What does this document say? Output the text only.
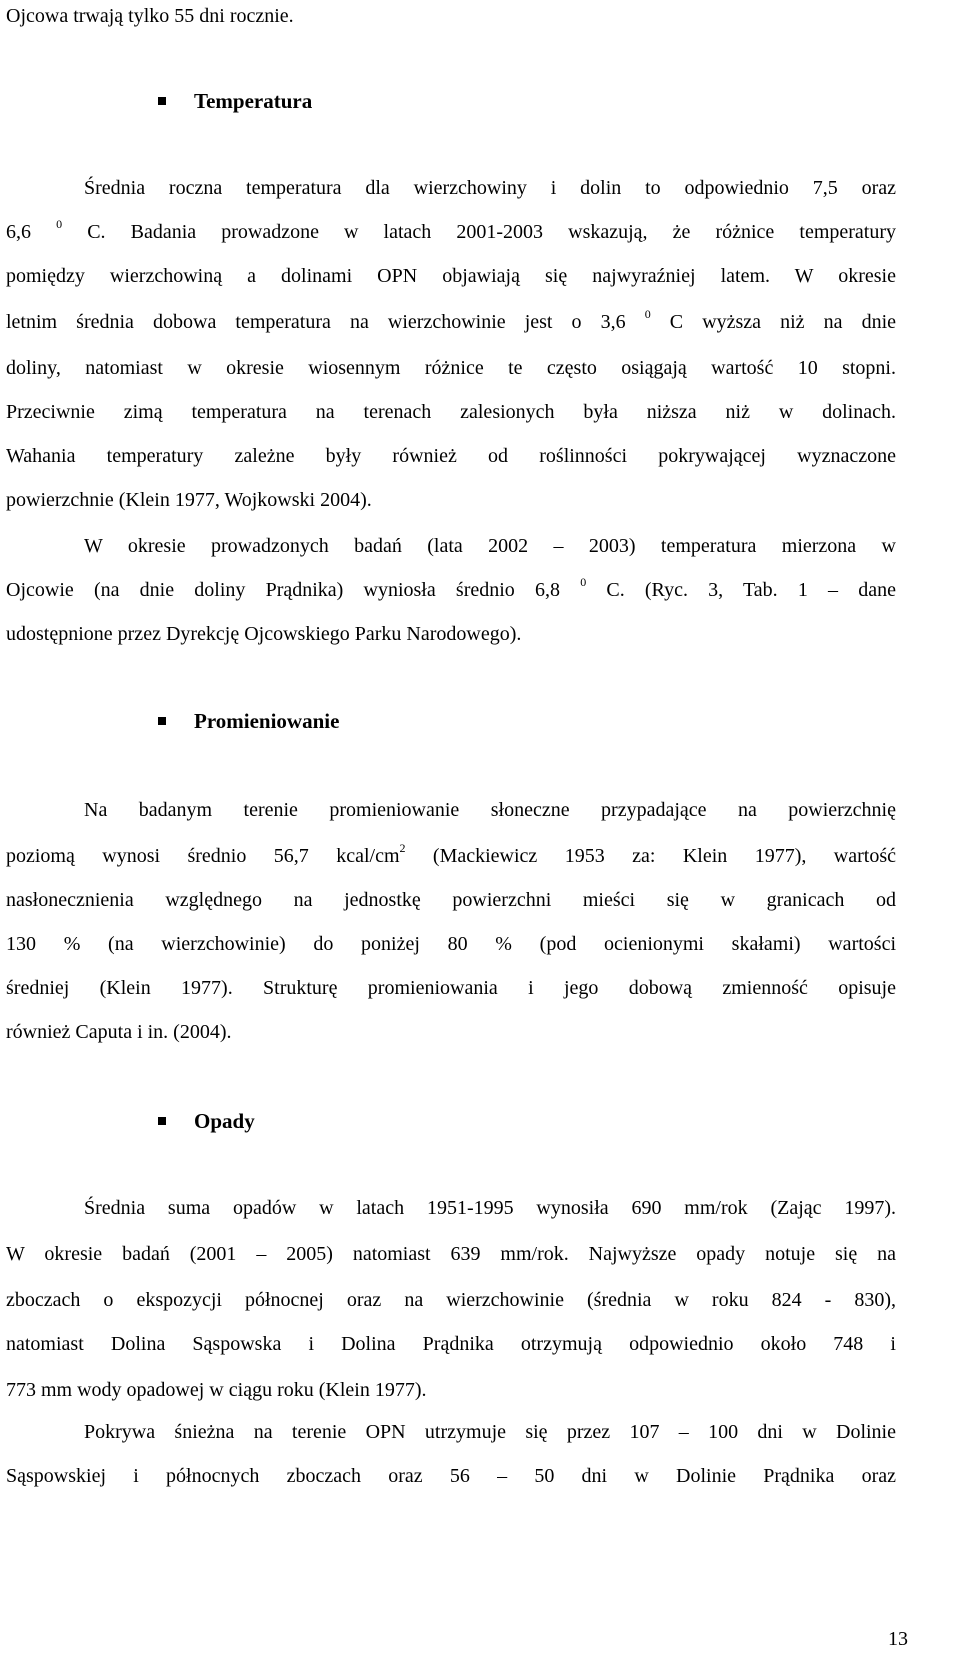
Ojcowa trwają tylko 55 dni rocznie.
Temperatura
Średnia roczna temperatura dla wierzchowiny i dolin to odpowiednio 7,5 oraz
6,6 $^0$ C. Badania prowadzone w latach 2001-2003 wskazują, że różnice temperatury
pomiędzy wierzchowiną a dolinami OPN objawiają się najwyraźniej latem. W okresie
letnim średnia dobowa temperatura na wierzchowinie jest o 3,6 $^0$ C wyższa niż na dnie
doliny, natomiast w okresie wiosennym różnice te często osiągają wartość 10 stopni.
Przeciwnie zimą temperatura na terenach zalesionych była niższa niż w dolinach.
Wahania temperatury zależne były również od roślinności pokrywającej wyznaczone
powierzchnie (Klein 1977, Wojkowski 2004).
W okresie prowadzonych badań (lata 2002 – 2003) temperatura mierzona w
Ojcowie (na dnie doliny Prądnika) wyniosła średnio 6,8 $^0$ C. (Ryc. 3, Tab. 1 – dane
udostępnione przez Dyrekcję Ojcowskiego Parku Narodowego).
Promieniowanie
Na badanym terenie promieniowanie słoneczne przypadające na powierzchnię
poziomą wynosi średnio 56,7 kcal/$cm^2$ (Mackiewicz 1953 za: Klein 1977), wartość
nasłonecznienia względnego na jednostkę powierzchni mieści się w granicach od
130 % (na wierzchowinie) do poniżej 80 % (pod ocienionymi skałami) wartości
średniej (Klein 1977). Strukturę promieniowania i jego dobową zmienność opisuje
również Caputa i in. (2004).
Opady
Średnia suma opadów w latach 1951-1995 wynosiła 690 mm/rok (Zając 1997).
W okresie badań (2001 – 2005) natomiast 639 mm/rok. Najwyższe opady notuje się na
zboczach o ekspozycji północnej oraz na wierzchowinie (średnia w roku 824 - 830),
natomiast Dolina Sąspowska i Dolina Prądnika otrzymują odpowiednio około 748 i
773 mm wody opadowej w ciągu roku (Klein 1977).
Pokrywa śnieżna na terenie OPN utrzymuje się przez 107 – 100 dni w Dolinie
Sąspowskiej i północnych zboczach oraz 56 – 50 dni w Dolinie Prądnika oraz
13
